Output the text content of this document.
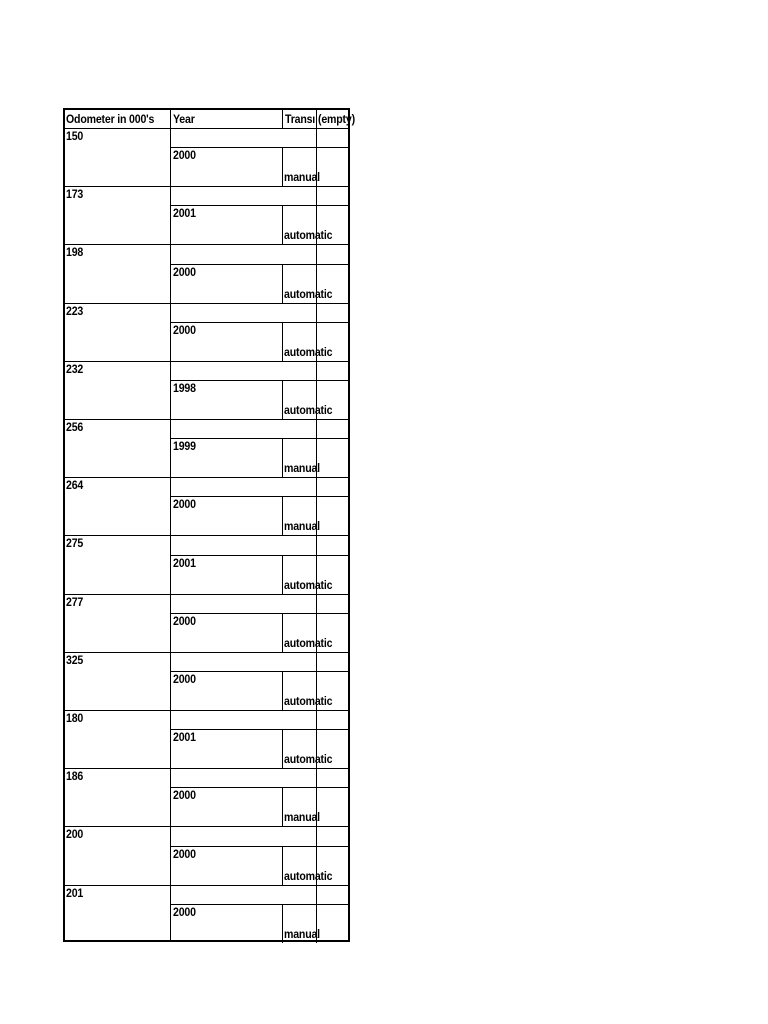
Odometer in 000's Year	Transı (empty)
150
2000
manual
173
2001
automatic
198
2000
automatic
223
2000
automatic
232
1998
automatic
256
1999
manual
264
2000
manual
275
2001
automatic
277
2000
automatic
325
2000
automatic
180
2001
automatic
186
2000
manual
200
2000
automatic
201
2000
manual
